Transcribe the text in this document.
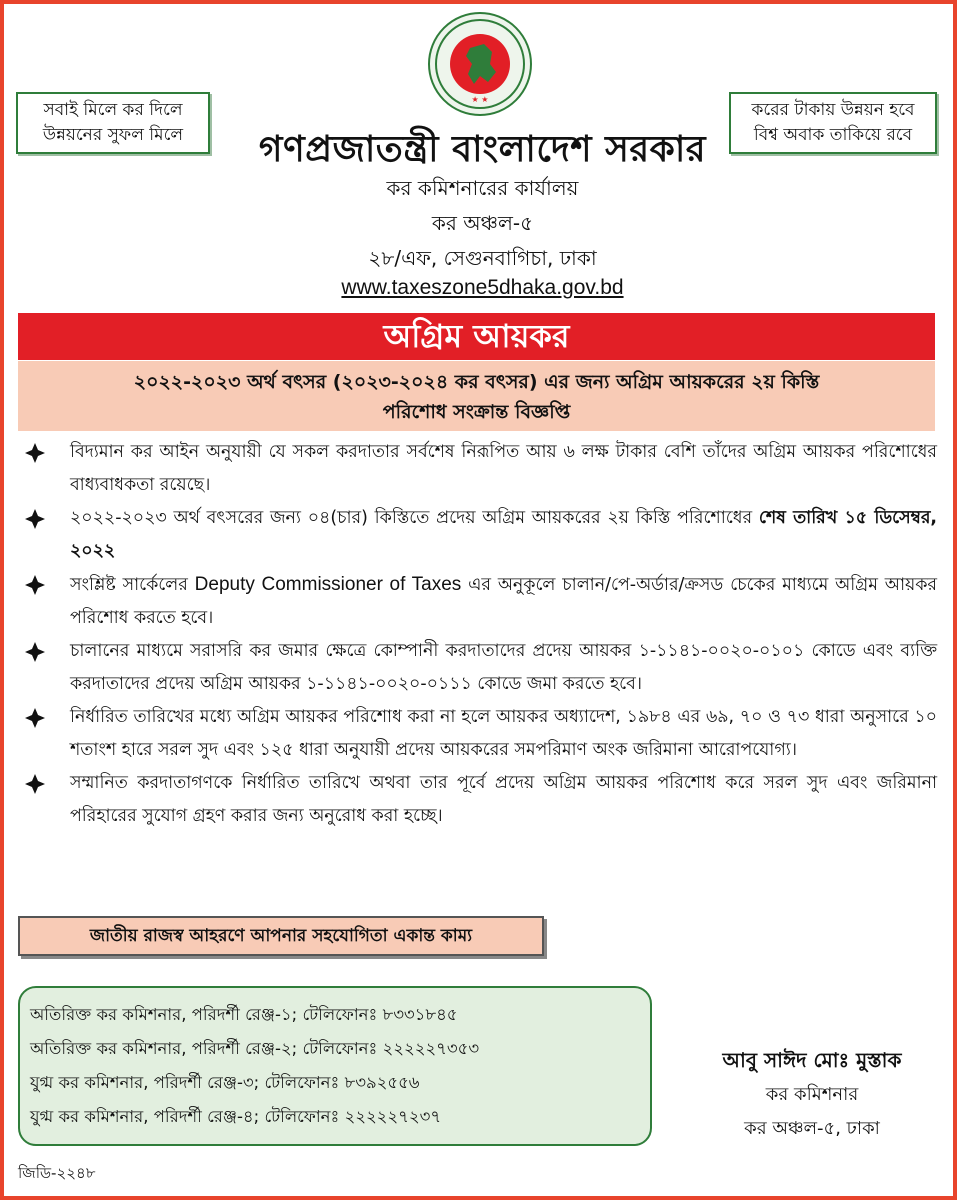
সবাই মিলে কর দিলে
উন্নয়নের সুফল মিলে
করের টাকায় উন্নয়ন হবে
বিশ্ব অবাক তাকিয়ে রবে
★ ★
গণপ্রজাতন্ত্রী বাংলাদেশ সরকার
কর কমিশনারের কার্যালয়
কর অঞ্চল-৫
২৮/এফ, সেগুনবাগিচা, ঢাকা
www.taxeszone5dhaka.gov.bd
অগ্রিম আয়কর
২০২২-২০২৩ অর্থ বৎসর (২০২৩-২০২৪ কর বৎসর) এর জন্য অগ্রিম আয়করের ২য় কিস্তি
পরিশোধ সংক্রান্ত বিজ্ঞপ্তি
বিদ্যমান কর আইন অনুযায়ী যে সকল করদাতার সর্বশেষ নিরূপিত আয় ৬ লক্ষ টাকার বেশি তাঁদের অগ্রিম আয়কর পরিশোধের বাধ্যবাধকতা রয়েছে।
২০২২-২০২৩ অর্থ বৎসরের জন্য ০৪(চার) কিস্তিতে প্রদেয় অগ্রিম আয়করের ২য় কিস্তি পরিশোধের শেষ তারিখ ১৫ ডিসেম্বর, ২০২২
সংশ্লিষ্ট সার্কেলের Deputy Commissioner of Taxes এর অনুকূলে চালান/পে-অর্ডার/ক্রসড চেকের মাধ্যমে অগ্রিম আয়কর পরিশোধ করতে হবে।
চালানের মাধ্যমে সরাসরি কর জমার ক্ষেত্রে কোম্পানী করদাতাদের প্রদেয় আয়কর ১-১১৪১-০০২০-০১০১ কোডে এবং ব্যক্তি করদাতাদের প্রদেয় অগ্রিম আয়কর ১-১১৪১-০০২০-০১১১ কোডে জমা করতে হবে।
নির্ধারিত তারিখের মধ্যে অগ্রিম আয়কর পরিশোধ করা না হলে আয়কর অধ্যাদেশ, ১৯৮৪ এর ৬৯, ৭০ ও ৭৩ ধারা অনুসারে ১০ শতাংশ হারে সরল সুদ এবং ১২৫ ধারা অনুযায়ী প্রদেয় আয়করের সমপরিমাণ অংক জরিমানা আরোপযোগ্য।
সম্মানিত করদাতাগণকে নির্ধারিত তারিখে অথবা তার পূর্বে প্রদেয় অগ্রিম আয়কর পরিশোধ করে সরল সুদ এবং জরিমানা পরিহারের সুযোগ গ্রহণ করার জন্য অনুরোধ করা হচ্ছে।
জাতীয় রাজস্ব আহরণে আপনার সহযোগিতা একান্ত কাম্য
অতিরিক্ত কর কমিশনার, পরিদর্শী রেঞ্জ-১; টেলিফোনঃ ৮৩৩১৮৪৫
অতিরিক্ত কর কমিশনার, পরিদর্শী রেঞ্জ-২; টেলিফোনঃ ২২২২২৭৩৫৩
যুগ্ম কর কমিশনার, পরিদর্শী রেঞ্জ-৩; টেলিফোনঃ ৮৩৯২৫৫৬
যুগ্ম কর কমিশনার, পরিদর্শী রেঞ্জ-৪; টেলিফোনঃ ২২২২২৭২৩৭
আবু সাঈদ মোঃ মুস্তাক
কর কমিশনার
কর অঞ্চল-৫, ঢাকা
জিডি-২২৪৮
